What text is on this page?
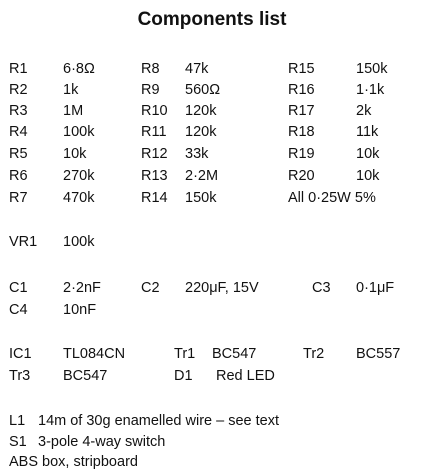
Components list
R1 6·8Ω	R8 47k	R15	150k
R2 1k	R9 560Ω	R16	1·1k
R3 1M	R10 120k	R17	2k
R4 100k	R11 120k	R18	11k
R5 10k	R12 33k	R19	10k
R6 270k	R13 2·2M	R20	10k
R7 470k	R14 150k	All 0·25W 5%
VR1 100k
C1 2·2nF	C2 220μF, 15V	C3 0·1μF
C4 10nF
IC1 TL084CN	Tr1 BC547	Tr2 BC557
Tr3 BC547	D1 Red LED
L1 14m of 30g enamelled wire – see text
S1 3-pole 4-way switch
ABS box, stripboard
